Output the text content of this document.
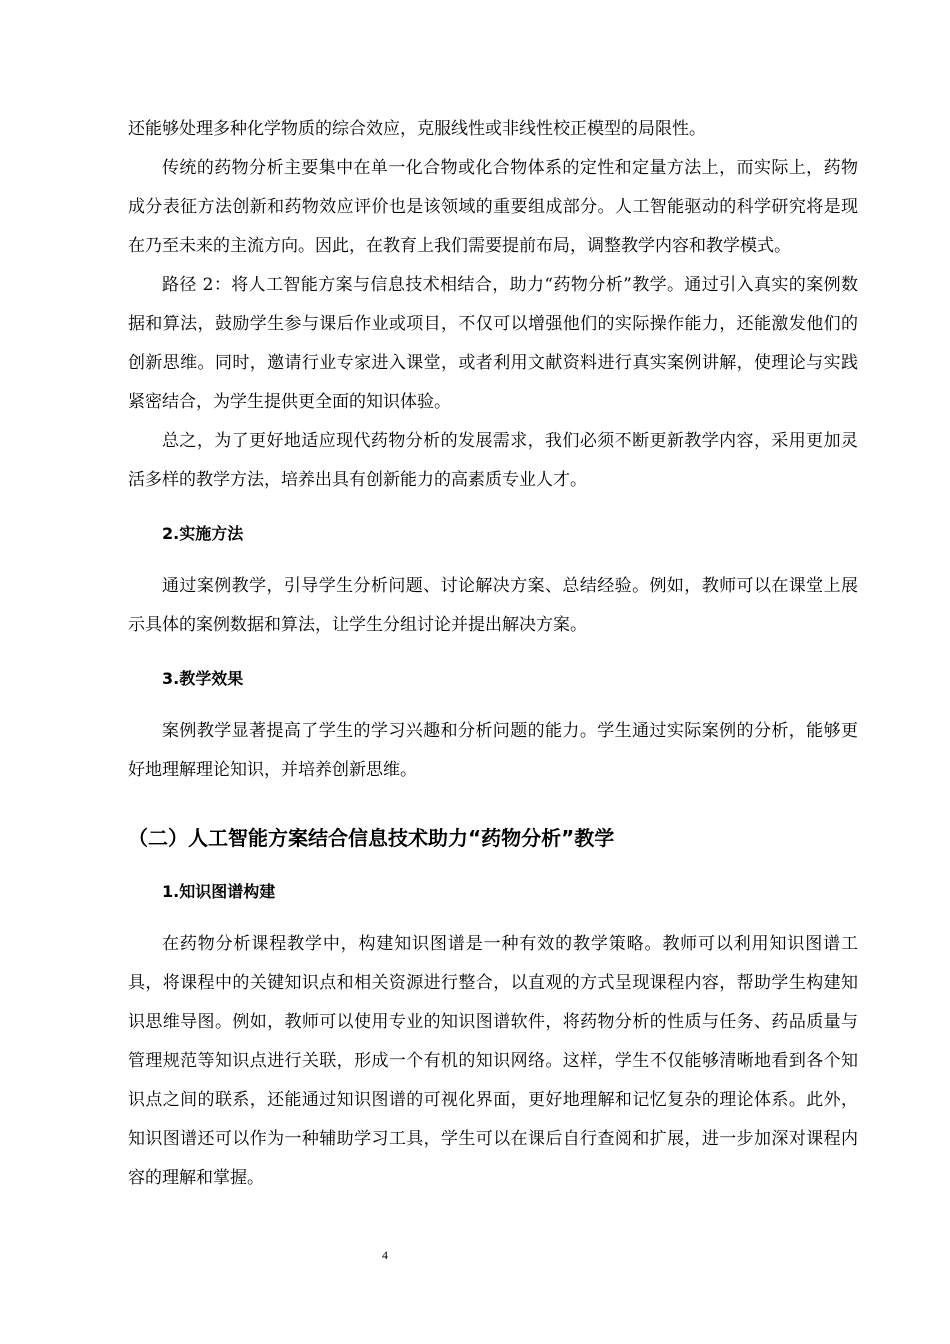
还能够处理多种化学物质的综合效应，克服线性或非线性校正模型的局限性。

传统的药物分析主要集中在单一化合物或化合物体系的定性和定量方法上，而实际上，药物成分表征方法创新和药物效应评价也是该领域的重要组成部分。人工智能驱动的科学研究将是现在乃至未来的主流方向。因此，在教育上我们需要提前布局，调整教学内容和教学模式。

路径 2：将人工智能方案与信息技术相结合，助力“药物分析”教学。通过引入真实的案例数据和算法，鼓励学生参与课后作业或项目，不仅可以增强他们的实际操作能力，还能激发他们的创新思维。同时，邀请行业专家进入课堂，或者利用文献资料进行真实案例讲解，使理论与实践紧密结合，为学生提供更全面的知识体验。

总之，为了更好地适应现代药物分析的发展需求，我们必须不断更新教学内容，采用更加灵活多样的教学方法，培养出具有创新能力的高素质专业人才。

2.实施方法

通过案例教学，引导学生分析问题、讨论解决方案、总结经验。例如，教师可以在课堂上展示具体的案例数据和算法，让学生分组讨论并提出解决方案。

3.教学效果

案例教学显著提高了学生的学习兴趣和分析问题的能力。学生通过实际案例的分析，能够更好地理解理论知识，并培养创新思维。

（二）人工智能方案结合信息技术助力“药物分析”教学
1.知识图谱构建

在药物分析课程教学中，构建知识图谱是一种有效的教学策略。教师可以利用知识图谱工具，将课程中的关键知识点和相关资源进行整合，以直观的方式呈现课程内容，帮助学生构建知识思维导图。例如，教师可以使用专业的知识图谱软件，将药物分析的性质与任务、药品质量与管理规范等知识点进行关联，形成一个有机的知识网络。这样，学生不仅能够清晰地看到各个知识点之间的联系，还能通过知识图谱的可视化界面，更好地理解和记忆复杂的理论体系。此外，知识图谱还可以作为一种辅助学习工具，学生可以在课后自行查阅和扩展，进一步加深对课程内容的理解和掌握。

4
